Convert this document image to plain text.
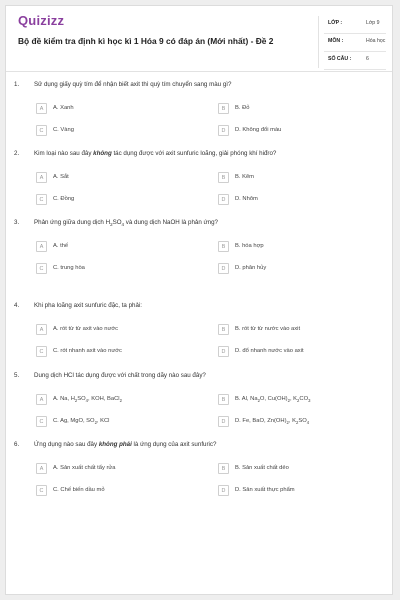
Quizizz
Bộ đề kiểm tra định kì học kì 1 Hóa 9 có đáp án (Mới nhất) - Đề 2
LỚP :	Lớp 9
MÔN :	Hóa học
SỐ CÂU :	6
1. Sử dụng giấy quỳ tím để nhận biết axit thì quỳ tím chuyển sang màu gì?
A	A. Xanh	B	B. Đỏ
C	C. Vàng	D	D. Không đổi màu
2. Kim loại nào sau đây không tác dụng được với axit sunfuric loãng, giải phóng khí hiđro?
A	A. Sắt	B	B. Kẽm
C	C. Đồng	D	D. Nhôm
3. Phản ứng giữa dung dịch $H_2SO_4$ và dung dịch NaOH là phản ứng?
A	A. thế	B	B. hóa hợp
C	C. trung hòa	D	D. phân hủy
4. Khi pha loãng axit sunfuric đặc, ta phải:
A	A. rót từ từ axit vào nước	B	B. rót từ từ nước vào axit
C	C. rót nhanh axit vào nước	D	D. đổ nhanh nước vào axit
5. Dung dịch HCl tác dụng được với chất trong dãy nào sau đây?
A	A. Na, $H_2SO_4$, KOH, BaCl$_2$	B	B. Al, $Na_2O$, $Cu(OH)_2$, $K_2CO_3$
C	C. Ag, MgO, $SO_2$, KCl	D	D. Fe, BaO, $Zn(OH)_2$, $K_2SO_4$
6. Ứng dụng nào sau đây không phải là ứng dụng của axit sunfuric?
A	A. Sản xuất chất tẩy rửa	B	B. Sản xuất chất dẻo
C	C. Chế biến dầu mỏ	D	D. Sản xuất thực phẩm
